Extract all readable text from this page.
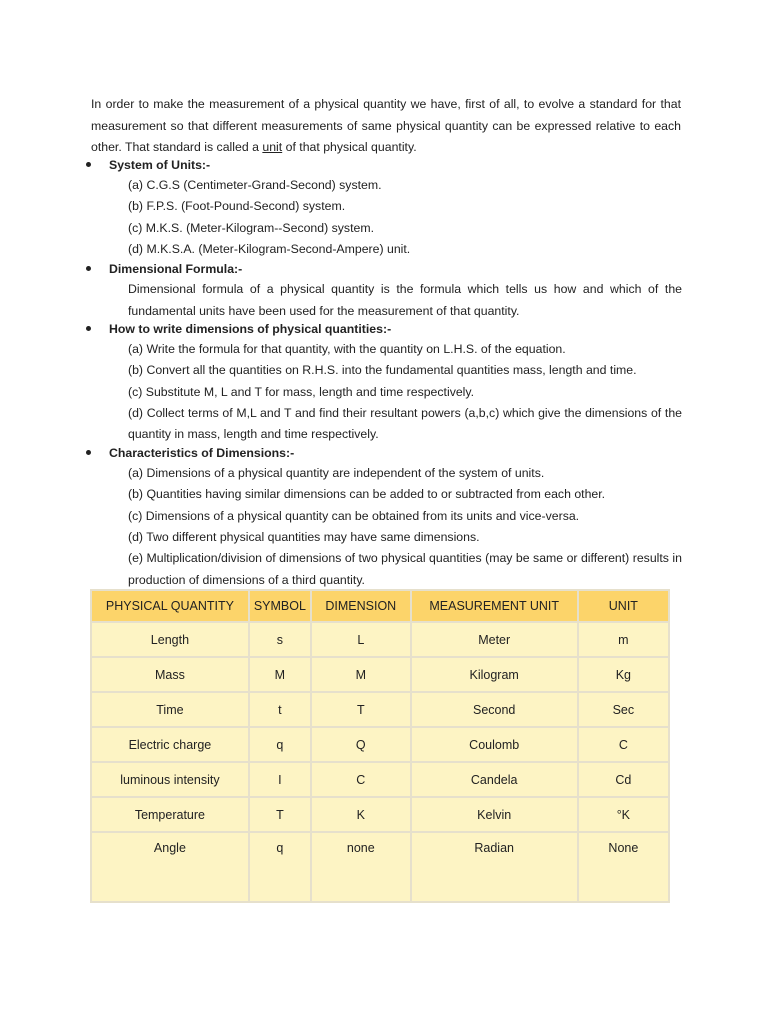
In order to make the measurement of a physical quantity we have, first of all, to evolve a standard for that measurement so that different measurements of same physical quantity can be expressed relative to each other. That standard is called a unit of that physical quantity.

System of Units:-
(a) C.G.S (Centimeter-Grand-Second) system.
(b) F.P.S. (Foot-Pound-Second) system.
(c) M.K.S. (Meter-Kilogram--Second) system.
(d) M.K.S.A. (Meter-Kilogram-Second-Ampere) unit.
Dimensional Formula:-
Dimensional formula of a physical quantity is the formula which tells us how and which of the fundamental units have been used for the measurement of that quantity.
How to write dimensions of physical quantities:-
(a) Write the formula for that quantity, with the quantity on L.H.S. of the equation.
(b) Convert all the quantities on R.H.S. into the fundamental quantities mass, length and time.
(c) Substitute M, L and T for mass, length and time respectively.
(d) Collect terms of M,L and T and find their resultant powers (a,b,c) which give the dimensions of the quantity in mass, length and time respectively.
Characteristics of Dimensions:-
(a) Dimensions of a physical quantity are independent of the system of units.
(b) Quantities having similar dimensions can be added to or subtracted from each other.
(c) Dimensions of a physical quantity can be obtained from its units and vice-versa.
(d) Two different physical quantities may have same dimensions.
(e) Multiplication/division of dimensions of two physical quantities (may be same or different) results in production of dimensions of a third quantity.
PHYSICAL QUANTITY	SYMBOL	DIMENSION	MEASUREMENT UNIT	UNIT
Length	s	L	Meter	m
Mass	M	M	Kilogram	Kg
Time	t	T	Second	Sec
Electric charge	q	Q	Coulomb	C
luminous intensity	I	C	Candela	Cd
Temperature	T	K	Kelvin	°K
Angle	q	none	Radian	None
